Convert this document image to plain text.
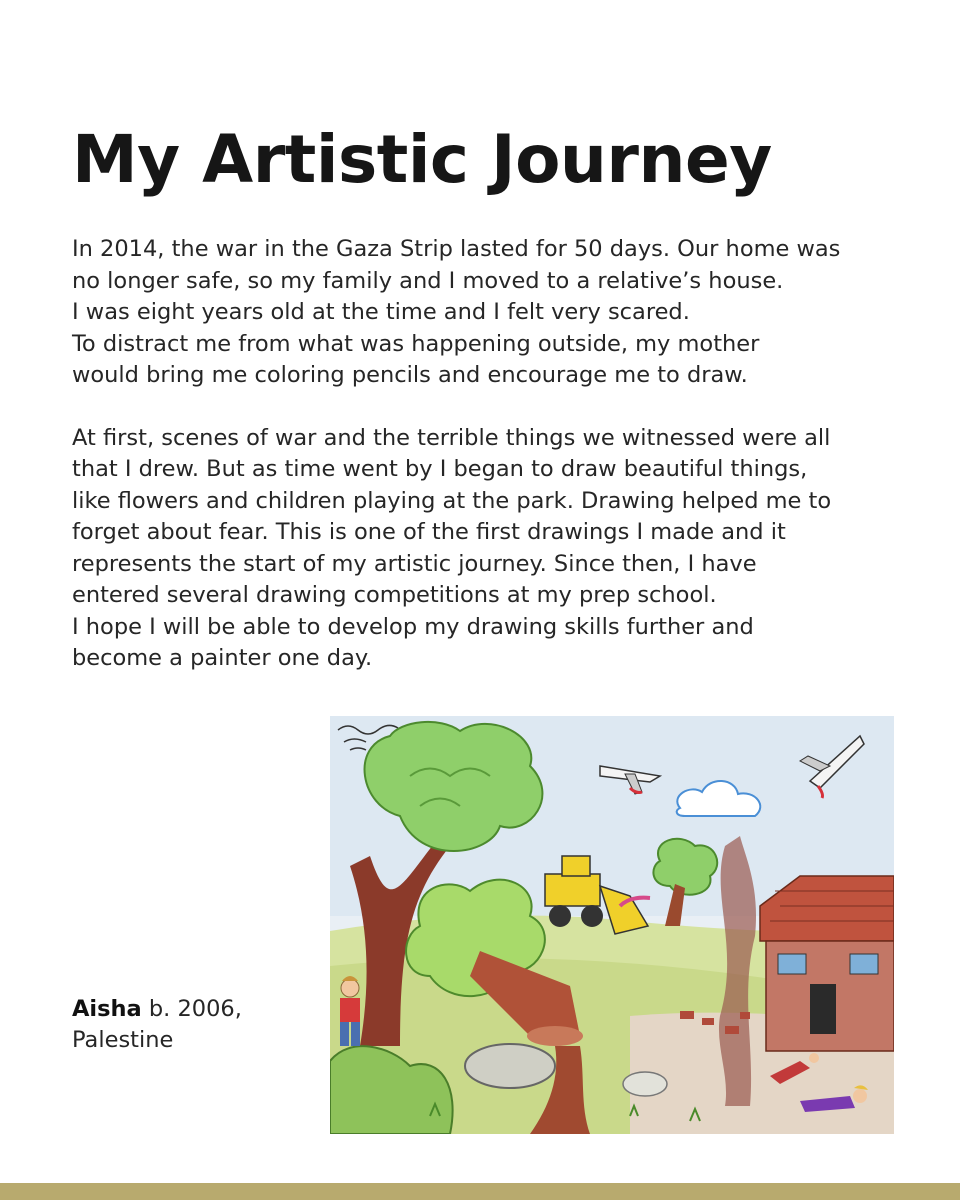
My Artistic Journey

In 2014, the war in the Gaza Strip lasted for 50 days. Our home was

no longer safe, so my family and I moved to a relative’s house.

I was eight years old at the time and I felt very scared.

To distract me from what was happening outside, my mother

would bring me coloring pencils and encourage me to draw.

At first, scenes of war and the terrible things we witnessed were all

that I drew. But as time went by I began to draw beautiful things,

like flowers and children playing at the park. Drawing helped me to

forget about fear. This is one of the first drawings I made and it

represents the start of my artistic journey. Since then, I have

entered several drawing competitions at my prep school.

I hope I will be able to develop my drawing skills further and

become a painter one day.

Aisha b. 2006,
Palestine
